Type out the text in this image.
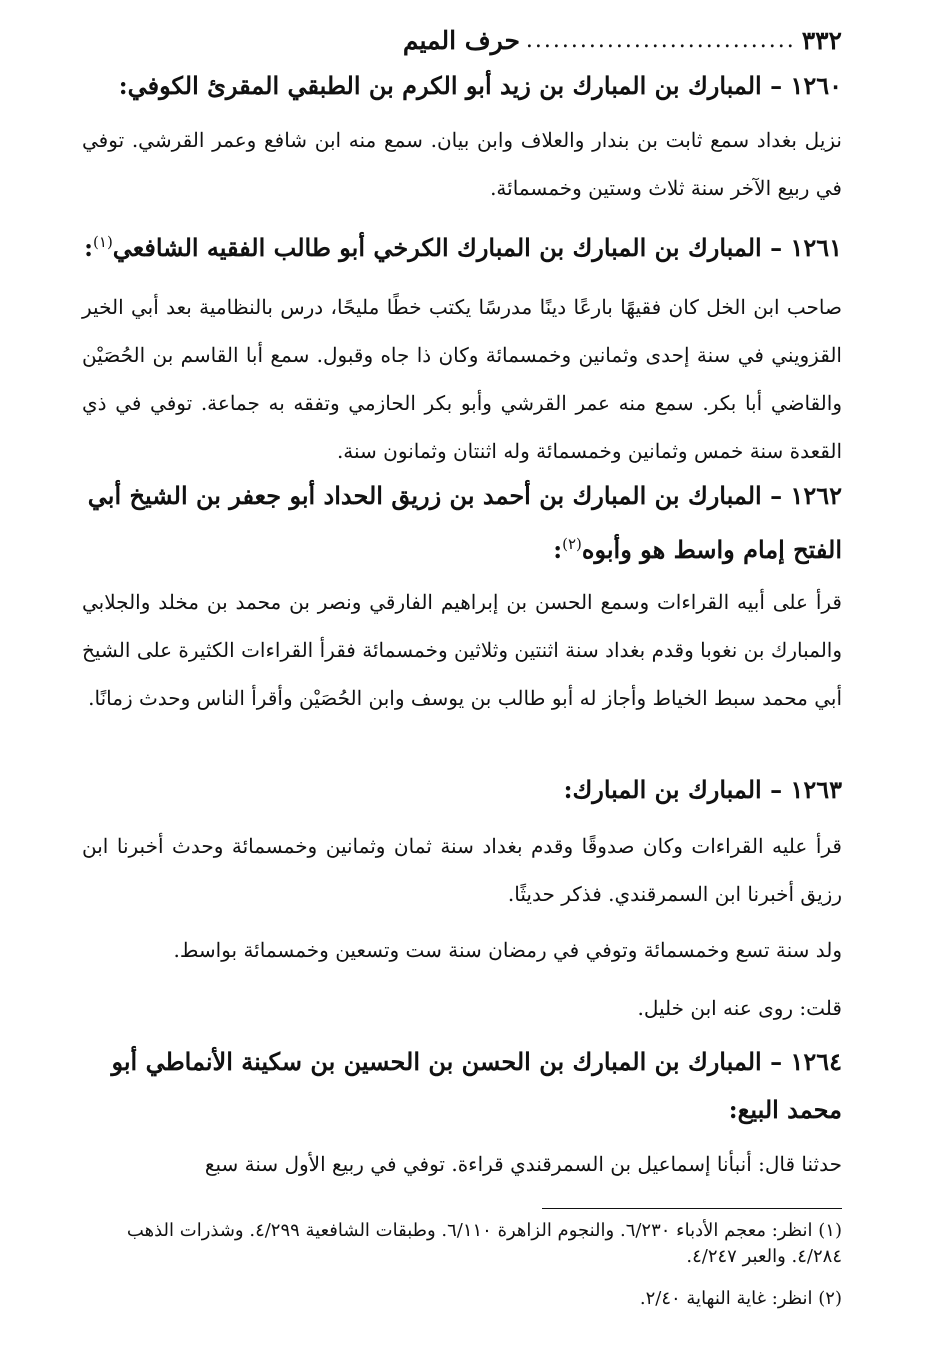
٣٣٢
..............................
حرف الميم
١٢٦٠ – المبارك بن المبارك بن زيد أبو الكرم بن الطبقي المقرئ الكوفي:
نزيل بغداد سمع ثابت بن بندار والعلاف وابن بيان. سمع منه ابن شافع وعمر القرشي. توفي في ربيع الآخر سنة ثلاث وستين وخمسمائة.
١٢٦١ – المبارك بن المبارك بن المبارك الكرخي أبو طالب الفقيه الشافعي$^{(١)}$:
صاحب ابن الخل كان فقيهًا بارعًا دينًا مدرسًا يكتب خطًا مليحًا، درس بالنظامية بعد أبي الخير القزويني في سنة إحدى وثمانين وخمسمائة وكان ذا جاه وقبول. سمع أبا القاسم بن الحُصَيْن والقاضي أبا بكر. سمع منه عمر القرشي وأبو بكر الحازمي وتفقه به جماعة. توفي في ذي القعدة سنة خمس وثمانين وخمسمائة وله اثنتان وثمانون سنة.
١٢٦٢ – المبارك بن المبارك بن أحمد بن زريق الحداد أبو جعفر بن الشيخ أبي الفتح إمام واسط هو وأبوه$^{(٢)}$:
قرأ على أبيه القراءات وسمع الحسن بن إبراهيم الفارقي ونصر بن محمد بن مخلد والجلابي والمبارك بن نغوبا وقدم بغداد سنة اثنتين وثلاثين وخمسمائة فقرأ القراءات الكثيرة على الشيخ أبي محمد سبط الخياط وأجاز له أبو طالب بن يوسف وابن الحُصَيْن وأقرأ الناس وحدث زمانًا.
١٢٦٣ – المبارك بن المبارك:
قرأ عليه القراءات وكان صدوقًا وقدم بغداد سنة ثمان وثمانين وخمسمائة وحدث أخبرنا ابن رزيق أخبرنا ابن السمرقندي. فذكر حديثًا.
ولد سنة تسع وخمسمائة وتوفي في رمضان سنة ست وتسعين وخمسمائة بواسط.
قلت: روى عنه ابن خليل.
١٢٦٤ – المبارك بن المبارك بن الحسن بن الحسين بن سكينة الأنماطي أبو محمد البيع:
حدثنا قال: أنبأنا إسماعيل بن السمرقندي قراءة. توفي في ربيع الأول سنة سبع
(١) انظر: معجم الأدباء ٦/٢٣٠. والنجوم الزاهرة ٦/١١٠. وطبقات الشافعية ٤/٢٩٩. وشذرات الذهب ٤/٢٨٤. والعبر ٤/٢٤٧.
(٢) انظر: غاية النهاية ٢/٤٠.
